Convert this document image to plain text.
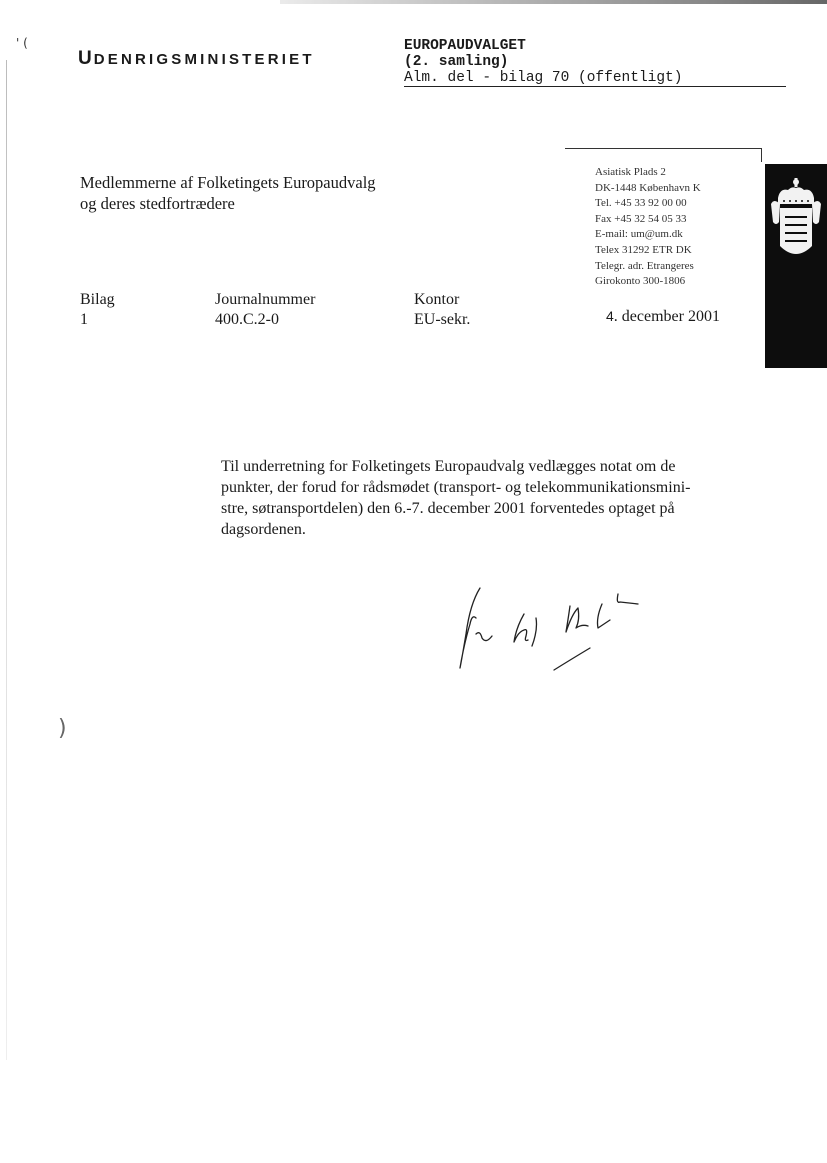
' (
)
UDENRIGSMINISTERIET
EUROPAUDVALGET
(2. samling)
Alm. del - bilag 70 (offentligt)
Asiatisk Plads 2
DK-1448 København K
Tel. +45 33 92 00 00
Fax +45 32 54 05 33
E-mail: um@um.dk
Telex 31292 ETR DK
Telegr. adr. Etrangeres
Girokonto 300-1806
Medlemmerne af Folketingets Europaudvalg
og deres stedfortrædere
Bilag
1
Journalnummer
400.C.2-0
Kontor
EU-sekr.	4. december 2001

Til underretning for Folketingets Europaudvalg vedlægges notat om de

punkter, der forud for rådsmødet (transport- og telekommunikationsmini-

stre, søtransportdelen) den 6.-7. december 2001 forventedes optaget på

dagsordenen.
